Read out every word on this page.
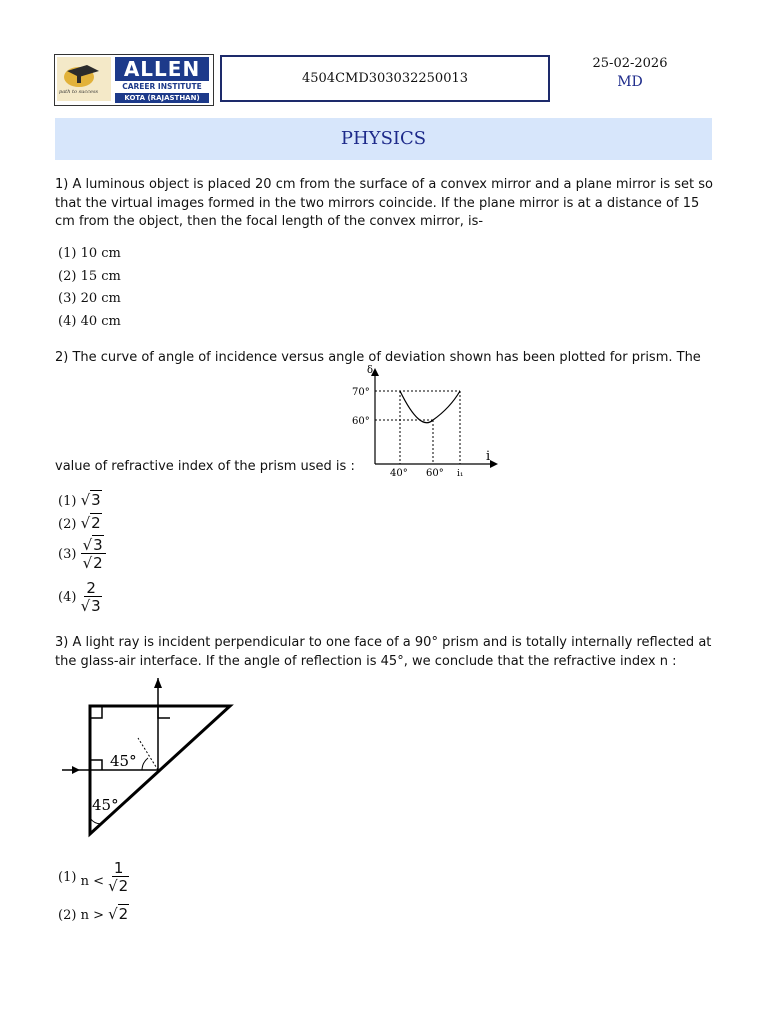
path to success
ALLEN
CAREER INSTITUTE
KOTA (RAJASTHAN)
4504CMD303032250013
25-02-2026
MD
PHYSICS
1) A luminous object is placed 20 cm from the surface of a convex mirror and a plane mirror is set so that the virtual images formed in the two mirrors coincide. If the plane mirror is at a distance of 15 cm from the object, then the focal length of the convex mirror, is-
(1) 10 cm
(2) 15 cm
(3) 20 cm
(4) 40 cm
2) The curve of angle of incidence versus angle of deviation shown has been plotted for prism. The
δ
i
70°
60°
40° 60° i₁
value of refractive index of the prism used is :
(1) √3
(2) √2
$(3) \frac{√3}{√2}$
$(4) \frac{2}{√3}$
3) A light ray is incident perpendicular to one face of a 90° prism and is totally internally reflected at the glass-air interface. If the angle of reflection is 45°, we conclude that the refractive index n :
45°
45°
(1) $n < \frac{1}{√2}$
(2) n > √2
